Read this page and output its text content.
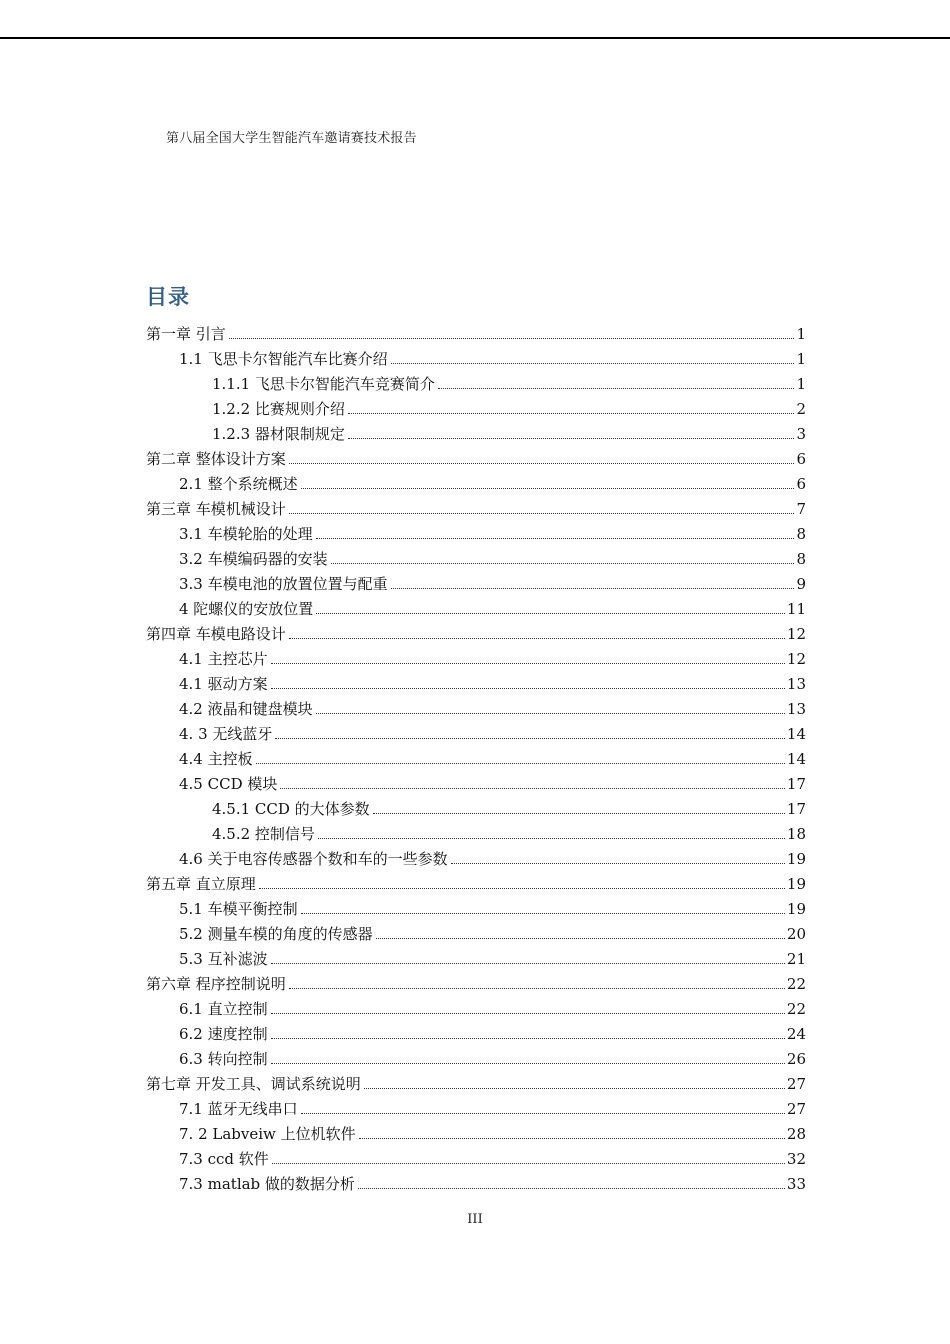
第八届全国大学生智能汽车邀请赛技术报告
目录
第一章 引言	1
1.1 飞思卡尔智能汽车比赛介绍	1
1.1.1 飞思卡尔智能汽车竞赛简介	1
1.2.2 比赛规则介绍	2
1.2.3 器材限制规定	3
第二章 整体设计方案	6
2.1 整个系统概述	6
第三章 车模机械设计	7
3.1 车模轮胎的处理	8
3.2 车模编码器的安装	8
3.3 车模电池的放置位置与配重	9
4 陀螺仪的安放位置	11
第四章 车模电路设计	12
4.1 主控芯片	12
4.1 驱动方案	13
4.2 液晶和键盘模块	13
4. 3 无线蓝牙	14
4.4 主控板	14
4.5 CCD 模块	17
4.5.1 CCD 的大体参数	17
4.5.2 控制信号	18
4.6 关于电容传感器个数和车的一些参数	19
第五章 直立原理	19
5.1 车模平衡控制	19
5.2 测量车模的角度的传感器	20
5.3 互补滤波	21
第六章 程序控制说明	22
6.1 直立控制	22
6.2 速度控制	24
6.3 转向控制	26
第七章 开发工具、调试系统说明	27
7.1 蓝牙无线串口	27
7. 2 Labveiw 上位机软件	28
7.3 ccd 软件	32
7.3 matlab 做的数据分析	33
III
